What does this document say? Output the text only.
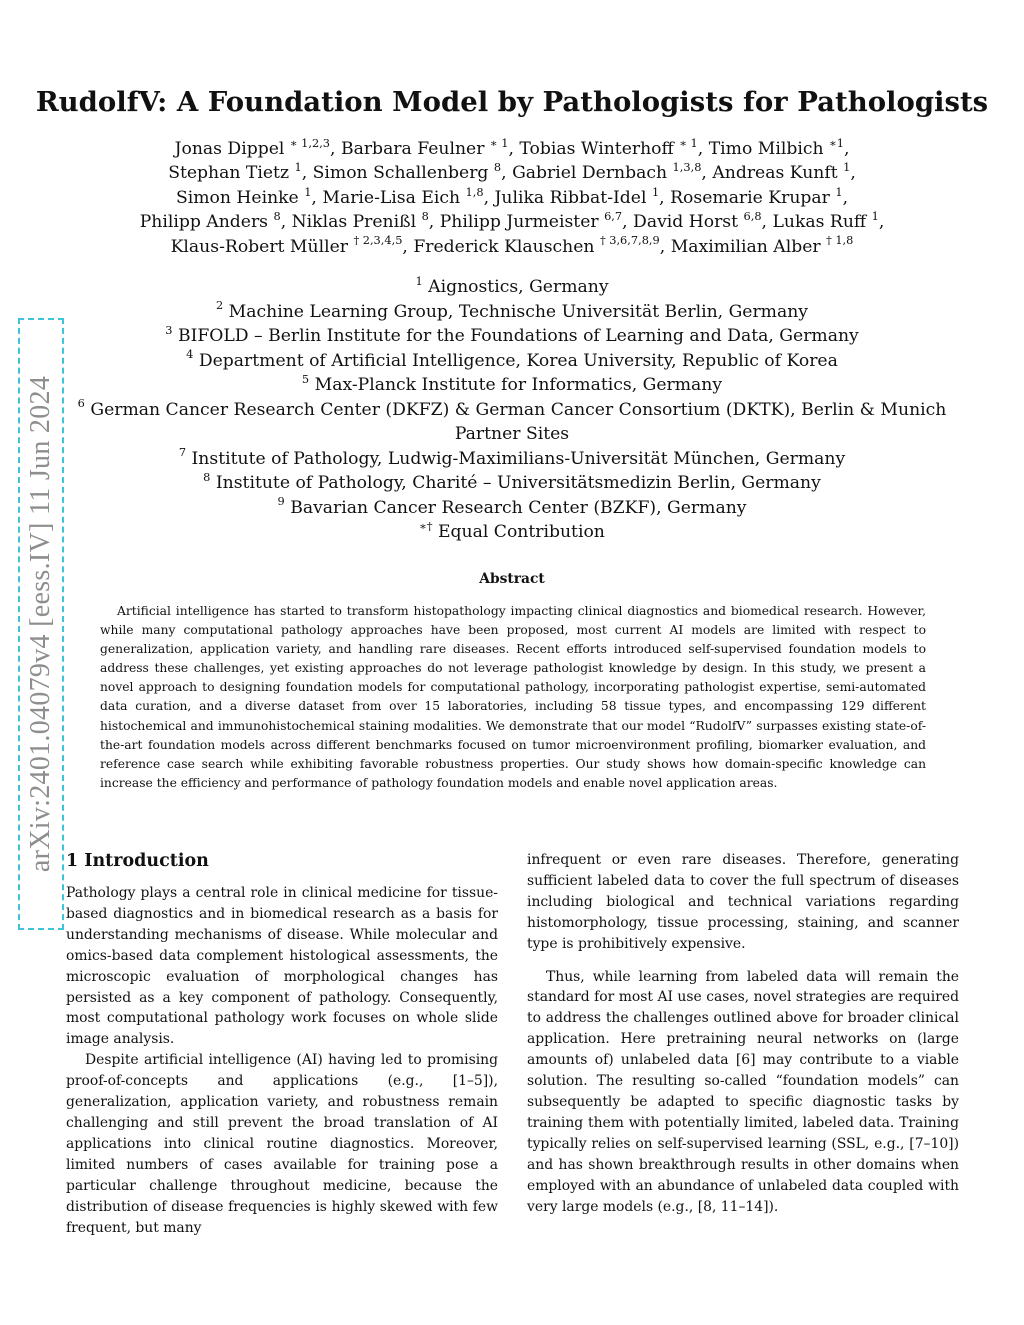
arXiv:2401.04079v4 [eess.IV] 11 Jun 2024
RudolfV: A Foundation Model by Pathologists for Pathologists
Jonas Dippel $^{∗ 1,2,3}$, Barbara Feulner $^{∗ 1}$, Tobias Winterhoff $^{∗ 1}$, Timo Milbich $^{∗1}$,
Stephan Tietz $^1$, Simon Schallenberg $^8$, Gabriel Dernbach $^{1,3,8}$, Andreas Kunft $^1$,
Simon Heinke $^1$, Marie-Lisa Eich $^{1,8}$, Julika Ribbat-Idel $^1$, Rosemarie Krupar $^1$,
Philipp Anders $^8$, Niklas Prenißl $^8$, Philipp Jurmeister $^{6,7}$, David Horst $^{6,8}$, Lukas Ruff $^1$,
Klaus-Robert Müller $^{\dagger 2,3,4,5}$, Frederick Klauschen $^{\dagger 3,6,7,8,9}$, Maximilian Alber $^{\dagger 1,8}$
$^1$ Aignostics, Germany
$^2$ Machine Learning Group, Technische Universität Berlin, Germany
$^3$ BIFOLD – Berlin Institute for the Foundations of Learning and Data, Germany
$^4$ Department of Artificial Intelligence, Korea University, Republic of Korea
$^5$ Max-Planck Institute for Informatics, Germany
$^6$ German Cancer Research Center (DKFZ) & German Cancer Consortium (DKTK), Berlin & Munich
Partner Sites
$^7$ Institute of Pathology, Ludwig-Maximilians-Universität München, Germany
$^8$ Institute of Pathology, Charité – Universitätsmedizin Berlin, Germany
$^9$ Bavarian Cancer Research Center (BZKF), Germany
∗† Equal Contribution
Abstract

Artificial intelligence has started to transform histopathology impacting clinical diagnostics and biomedical research. However, while many computational pathology approaches have been proposed, most current AI models are limited with respect to generalization, application variety, and handling rare diseases. Recent efforts introduced self-supervised foundation models to address these challenges, yet existing approaches do not leverage pathologist knowledge by design. In this study, we present a novel approach to designing foundation models for computational pathology, incorporating pathologist expertise, semi-automated data curation, and a diverse dataset from over 15 laboratories, including 58 tissue types, and encompassing 129 different histochemical and immunohistochemical staining modalities. We demonstrate that our model “RudolfV” surpasses existing state-of-the-art foundation models across different benchmarks focused on tumor microenvironment profiling, biomarker evaluation, and reference case search while exhibiting favorable robustness properties. Our study shows how domain-specific knowledge can increase the efficiency and performance of pathology foundation models and enable novel application areas.

1 Introduction

Pathology plays a central role in clinical medicine for tissue-based diagnostics and in biomedical research as a basis for understanding mechanisms of disease. While molecular and omics-based data complement histological assessments, the microscopic evaluation of morphological changes has persisted as a key component of pathology. Consequently, most computational pathology work focuses on whole slide image analysis.

Despite artificial intelligence (AI) having led to promising proof-of-concepts and applications (e.g., [1–5]), generalization, application variety, and robustness remain challenging and still prevent the broad translation of AI applications into clinical routine diagnostics. Moreover, limited numbers of cases available for training pose a particular challenge throughout medicine, because the distribution of disease frequencies is highly skewed with few frequent, but many

infrequent or even rare diseases. Therefore, generating sufficient labeled data to cover the full spectrum of diseases including biological and technical variations regarding histomorphology, tissue processing, staining, and scanner type is prohibitively expensive.

Thus, while learning from labeled data will remain the standard for most AI use cases, novel strategies are required to address the challenges outlined above for broader clinical application. Here pretraining neural networks on (large amounts of) unlabeled data [6] may contribute to a viable solution. The resulting so-called “foundation models” can subsequently be adapted to specific diagnostic tasks by training them with potentially limited, labeled data. Training typically relies on self-supervised learning (SSL, e.g., [7–10]) and has shown breakthrough results in other domains when employed with an abundance of unlabeled data coupled with very large models (e.g., [8, 11–14]).
